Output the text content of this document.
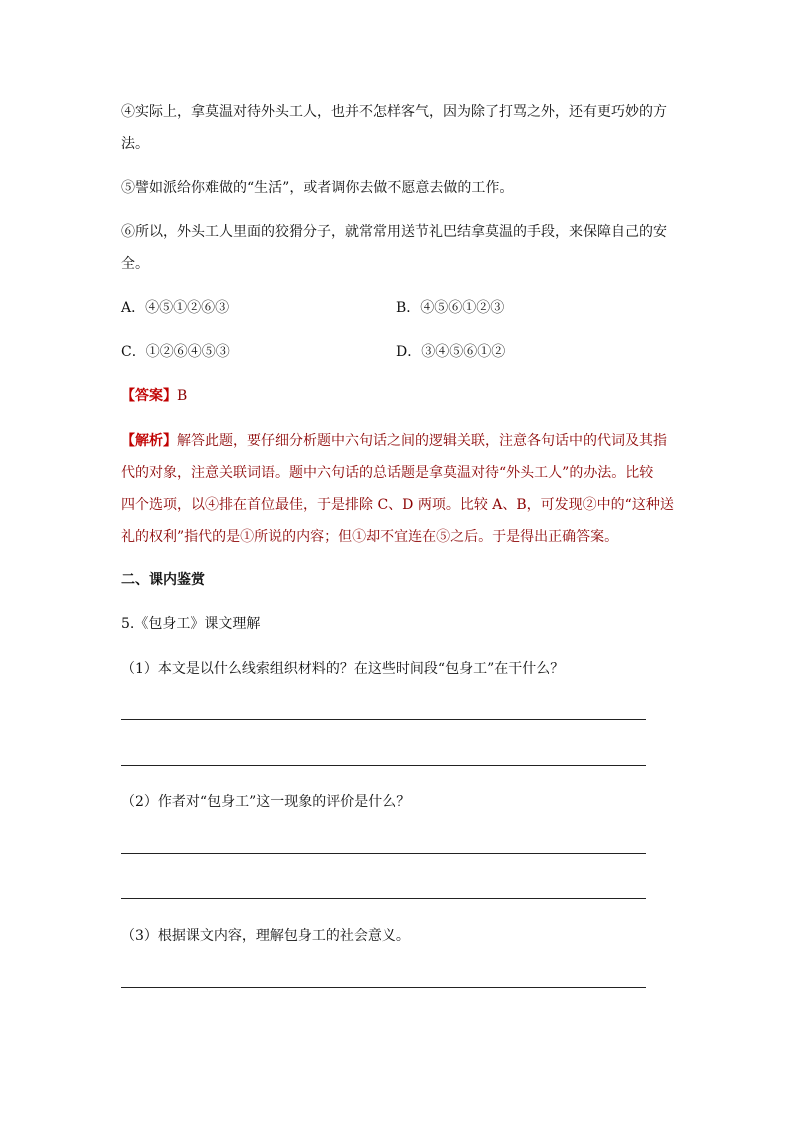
④实际上，拿莫温对待外头工人，也并不怎样客气，因为除了打骂之外，还有更巧妙的方
法。
⑤譬如派给你难做的“生活”，或者调你去做不愿意去做的工作。
⑥所以，外头工人里面的狡猾分子，就常常用送节礼巴结拿莫温的手段，来保障自己的安
全。
A．④⑤①②⑥③	B．④⑤⑥①②③
C．①②⑥④⑤③	D．③④⑤⑥①②
【答案】B
【解析】解答此题，要仔细分析题中六句话之间的逻辑关联，注意各句话中的代词及其指
代的对象，注意关联词语。题中六句话的总话题是拿莫温对待“外头工人”的办法。比较
四个选项，以④排在首位最佳，于是排除 C、D 两项。比较 A、B，可发现②中的“这种送
礼的权利”指代的是①所说的内容；但①却不宜连在⑤之后。于是得出正确答案。
二、课内鉴赏
5.《包身工》课文理解
（1）本文是以什么线索组织材料的？在这些时间段“包身工”在干什么？
（2）作者对“包身工”这一现象的评价是什么？
（3）根据课文内容，理解包身工的社会意义。
